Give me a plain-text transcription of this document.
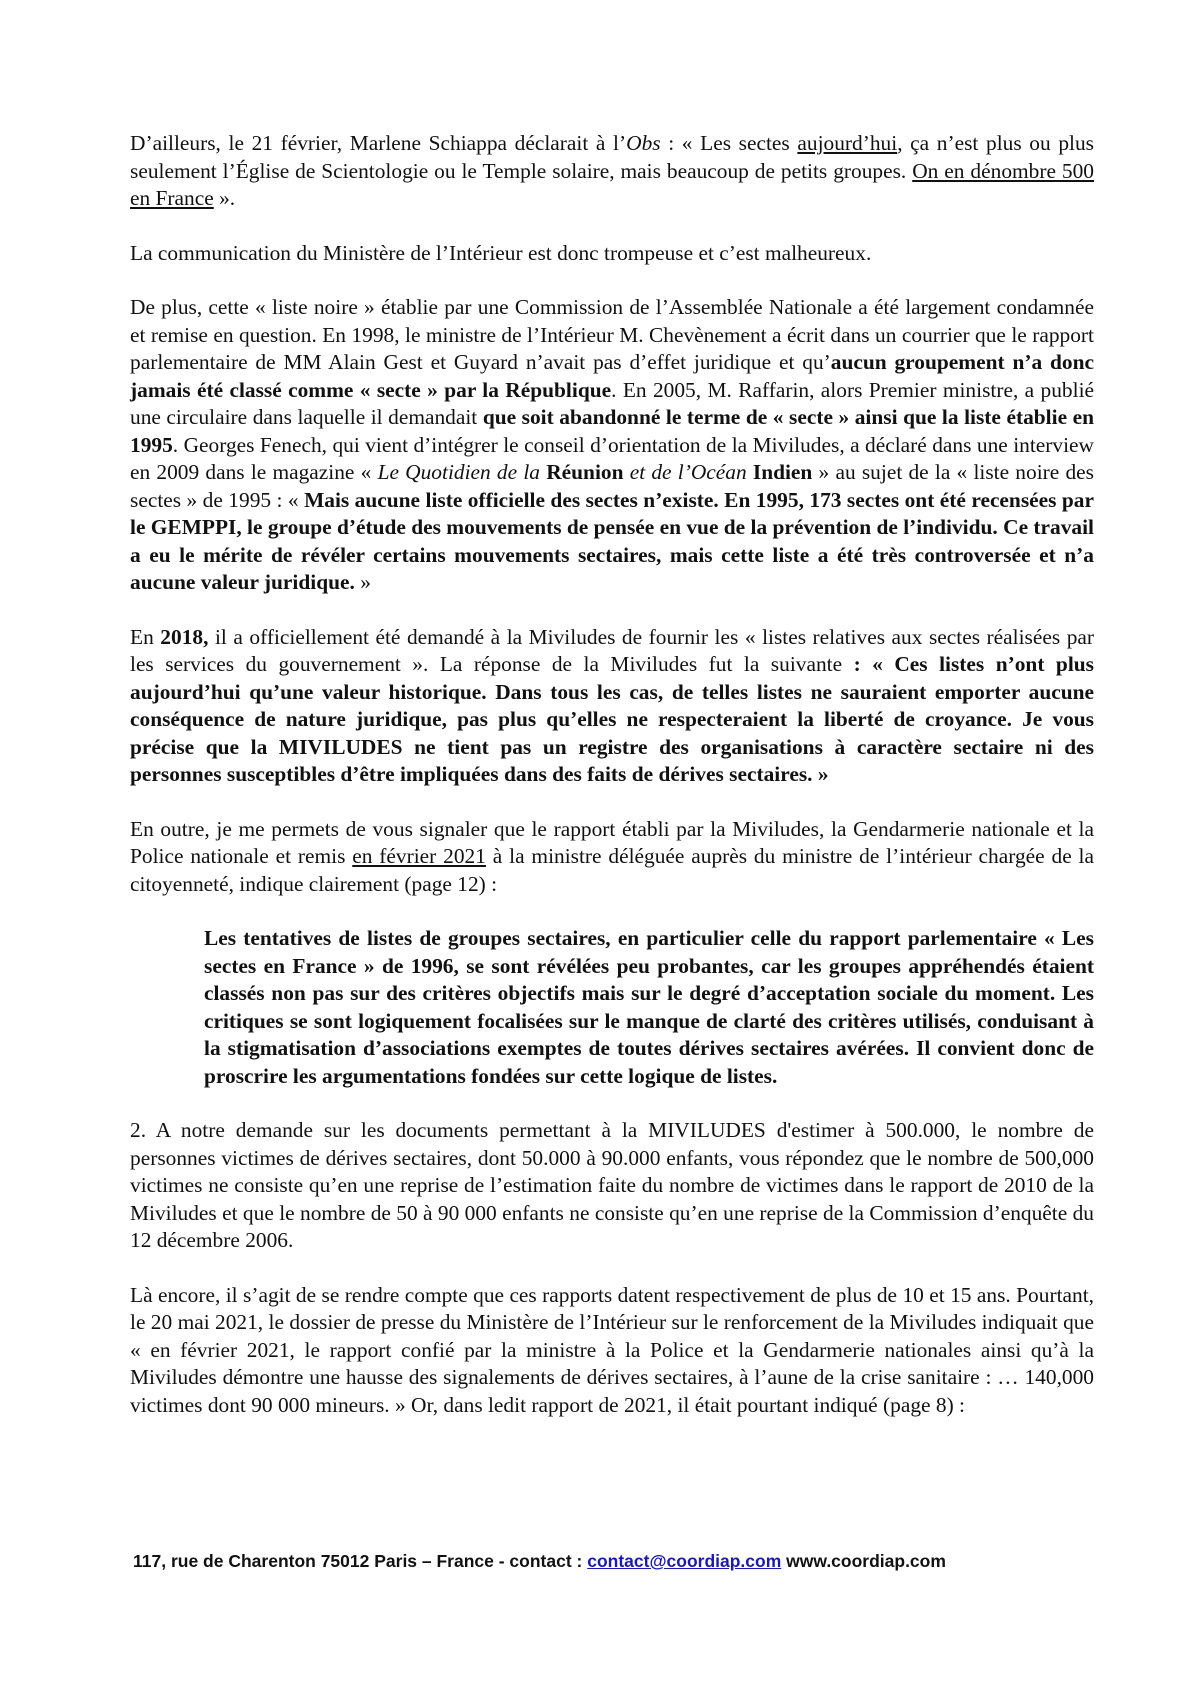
D’ailleurs, le 21 février, Marlene Schiappa déclarait à l’Obs : « Les sectes aujourd’hui, ça n’est plus ou plus seulement l’Église de Scientologie ou le Temple solaire, mais beaucoup de petits groupes. On en dénombre 500 en France ».

La communication du Ministère de l’Intérieur est donc trompeuse et c’est malheureux.

De plus, cette « liste noire » établie par une Commission de l’Assemblée Nationale a été largement condamnée et remise en question. En 1998, le ministre de l’Intérieur M. Chevènement a écrit dans un courrier que le rapport parlementaire de MM Alain Gest et Guyard n’avait pas d’effet juridique et qu’aucun groupement n’a donc jamais été classé comme « secte » par la République. En 2005, M. Raffarin, alors Premier ministre, a publié une circulaire dans laquelle il demandait que soit abandonné le terme de « secte » ainsi que la liste établie en 1995. Georges Fenech, qui vient d’intégrer le conseil d’orientation de la Miviludes, a déclaré dans une interview en 2009 dans le magazine « Le Quotidien de la Réunion et de l’Océan Indien » au sujet de la « liste noire des sectes » de 1995 : « Mais aucune liste officielle des sectes n’existe. En 1995, 173 sectes ont été recensées par le GEMPPI, le groupe d’étude des mouvements de pensée en vue de la prévention de l’individu. Ce travail a eu le mérite de révéler certains mouvements sectaires, mais cette liste a été très controversée et n’a aucune valeur juridique. »

En 2018, il a officiellement été demandé à la Miviludes de fournir les « listes relatives aux sectes réalisées par les services du gouvernement ». La réponse de la Miviludes fut la suivante : « Ces listes n’ont plus aujourd’hui qu’une valeur historique. Dans tous les cas, de telles listes ne sauraient emporter aucune conséquence de nature juridique, pas plus qu’elles ne respecteraient la liberté de croyance. Je vous précise que la MIVILUDES ne tient pas un registre des organisations à caractère sectaire ni des personnes susceptibles d’être impliquées dans des faits de dérives sectaires. »

En outre, je me permets de vous signaler que le rapport établi par la Miviludes, la Gendarmerie nationale et la Police nationale et remis en février 2021 à la ministre déléguée auprès du ministre de l’intérieur chargée de la citoyenneté, indique clairement (page 12) :

Les tentatives de listes de groupes sectaires, en particulier celle du rapport parlementaire « Les sectes en France » de 1996, se sont révélées peu probantes, car les groupes appréhendés étaient classés non pas sur des critères objectifs mais sur le degré d’acceptation sociale du moment. Les critiques se sont logiquement focalisées sur le manque de clarté des critères utilisés, conduisant à la stigmatisation d’associations exemptes de toutes dérives sectaires avérées. Il convient donc de proscrire les argumentations fondées sur cette logique de listes.

2. A notre demande sur les documents permettant à la MIVILUDES d'estimer à 500.000, le nombre de personnes victimes de dérives sectaires, dont 50.000 à 90.000 enfants, vous répondez que le nombre de 500,000 victimes ne consiste qu’en une reprise de l’estimation faite du nombre de victimes dans le rapport de 2010 de la Miviludes et que le nombre de 50 à 90 000 enfants ne consiste qu’en une reprise de la Commission d’enquête du 12 décembre 2006.

Là encore, il s’agit de se rendre compte que ces rapports datent respectivement de plus de 10 et 15 ans. Pourtant, le 20 mai 2021, le dossier de presse du Ministère de l’Intérieur sur le renforcement de la Miviludes indiquait que « en février 2021, le rapport confié par la ministre à la Police et la Gendarmerie nationales ainsi qu’à la Miviludes démontre une hausse des signalements de dérives sectaires, à l’aune de la crise sanitaire : … 140,000 victimes dont 90 000 mineurs. » Or, dans ledit rapport de 2021, il était pourtant indiqué (page 8) :

117, rue de Charenton 75012 Paris – France - contact : contact@coordiap.com www.coordiap.com
